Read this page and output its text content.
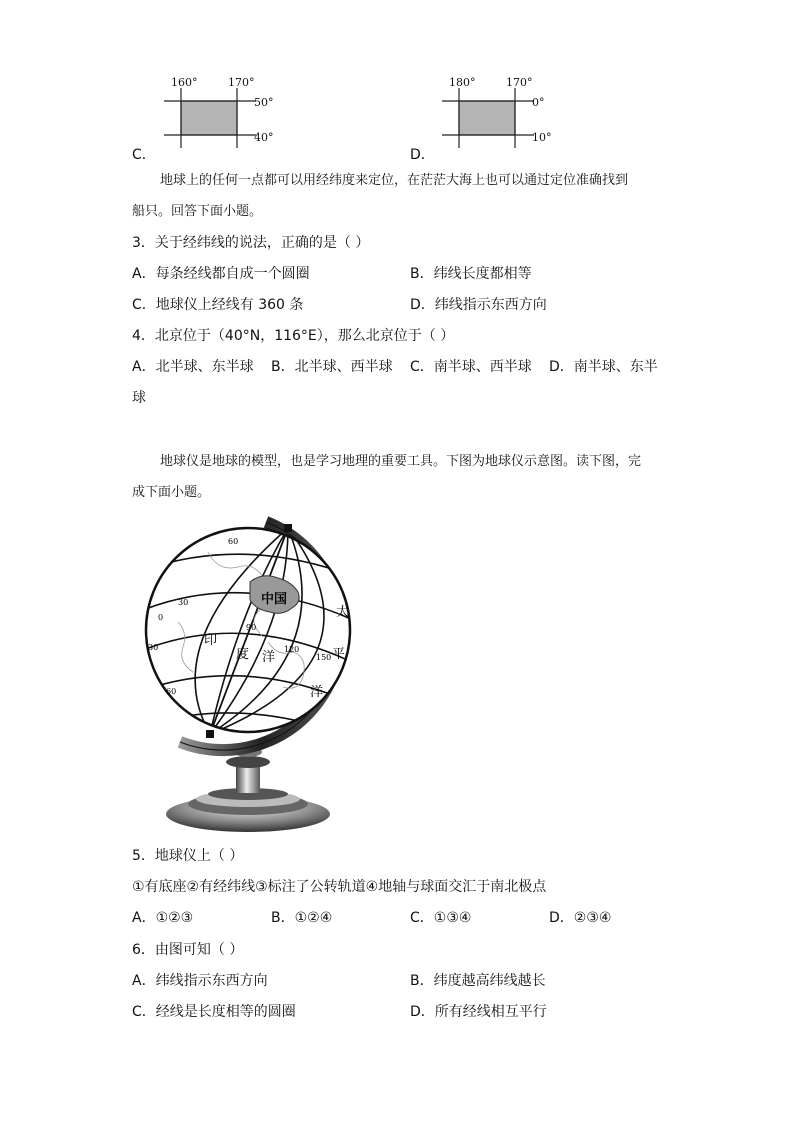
160°	170°
50°
40°
C．
180°	170°
0°
10°
D．
地球上的任何一点都可以用经纬度来定位，在茫茫大海上也可以通过定位准确找到
船只。回答下面小题。
3．关于经纬线的说法，正确的是（ ）
A．每条经线都自成一个圆圈	B．纬线长度都相等
C．地球仪上经线有 360 条	D．纬线指示东西方向
4．北京位于（40°N，116°E），那么北京位于（ ）
A．北半球、东半球 B．北半球、西半球 C．南半球、西半球 D．南半球、东半
球
地球仪是地球的模型，也是学习地理的重要工具。下图为地球仪示意图。读下图，完
成下面小题。
中国
太
平
洋
印
度 洋
60
30
0
30
60
90
120
150
5．地球仪上（ ）
①有底座②有经纬线③标注了公转轨道④地轴与球面交汇于南北极点
A．①②③	B．①②④	C．①③④	D．②③④
6．由图可知（ ）
A．纬线指示东西方向	B．纬度越高纬线越长
C．经线是长度相等的圆圈	D．所有经线相互平行
